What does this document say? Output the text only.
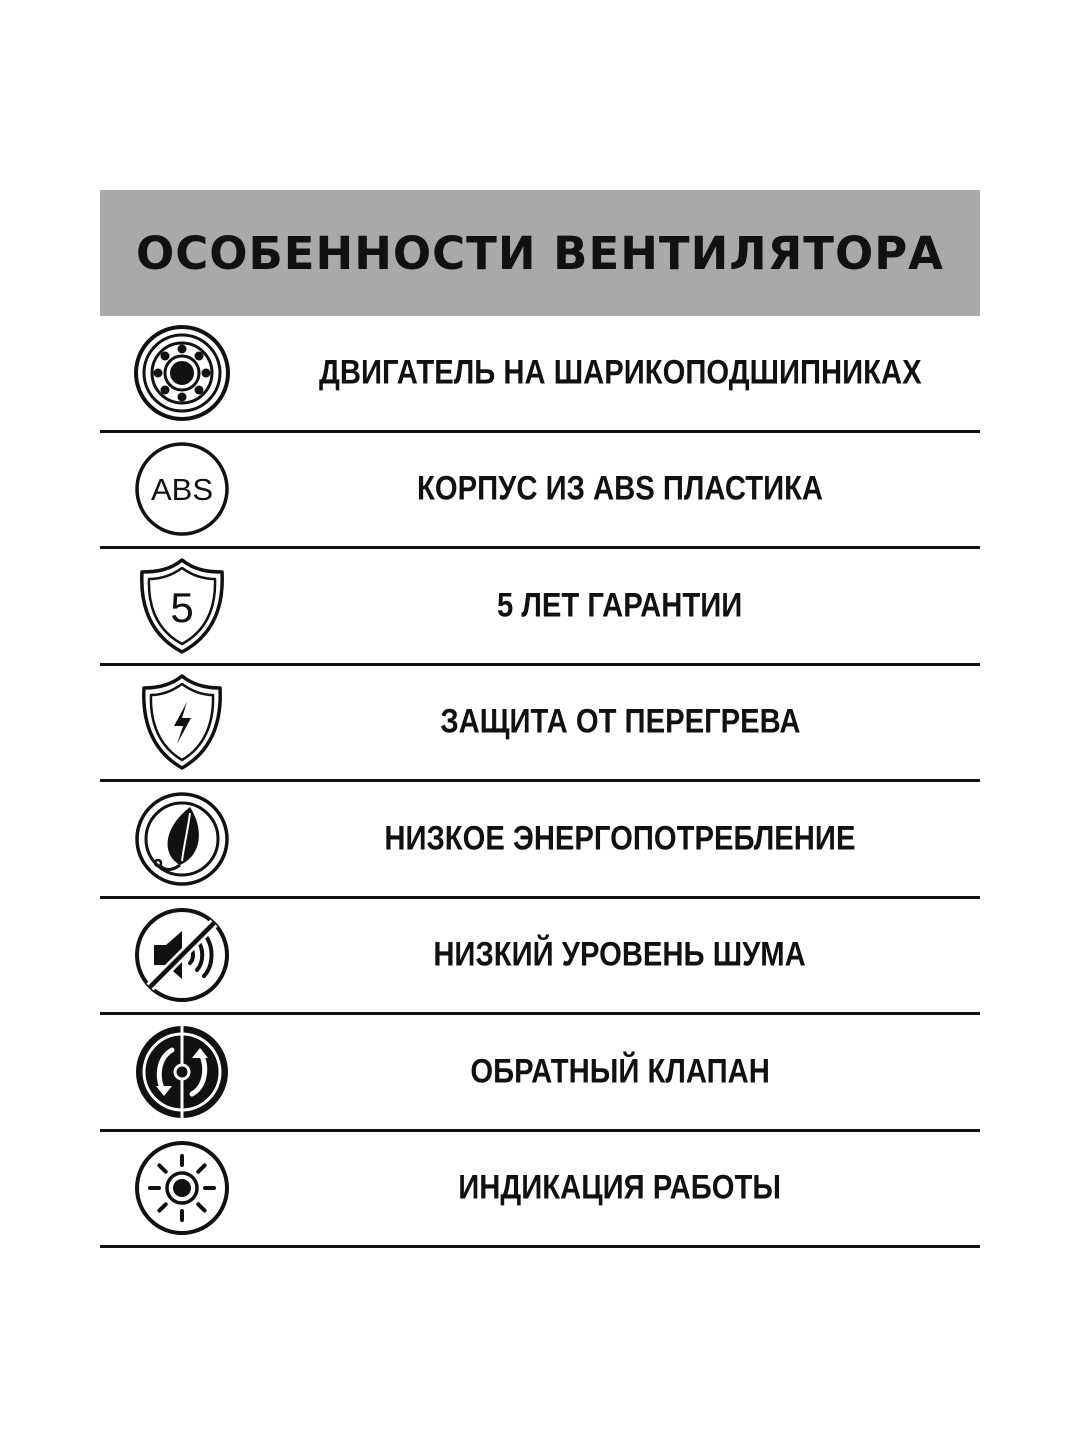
ОСОБЕННОСТИ ВЕНТИЛЯТОРА
ДВИГАТЕЛЬ НА ШАРИКОПОДШИПНИКАХ
ABS	КОРПУС ИЗ ABS ПЛАСТИКА
5	5 ЛЕТ ГАРАНТИИ
ЗАЩИТА ОТ ПЕРЕГРЕВА
НИЗКОЕ ЭНЕРГОПОТРЕБЛЕНИЕ
НИЗКИЙ УРОВЕНЬ ШУМА
ОБРАТНЫЙ КЛАПАН
ИНДИКАЦИЯ РАБОТЫ
